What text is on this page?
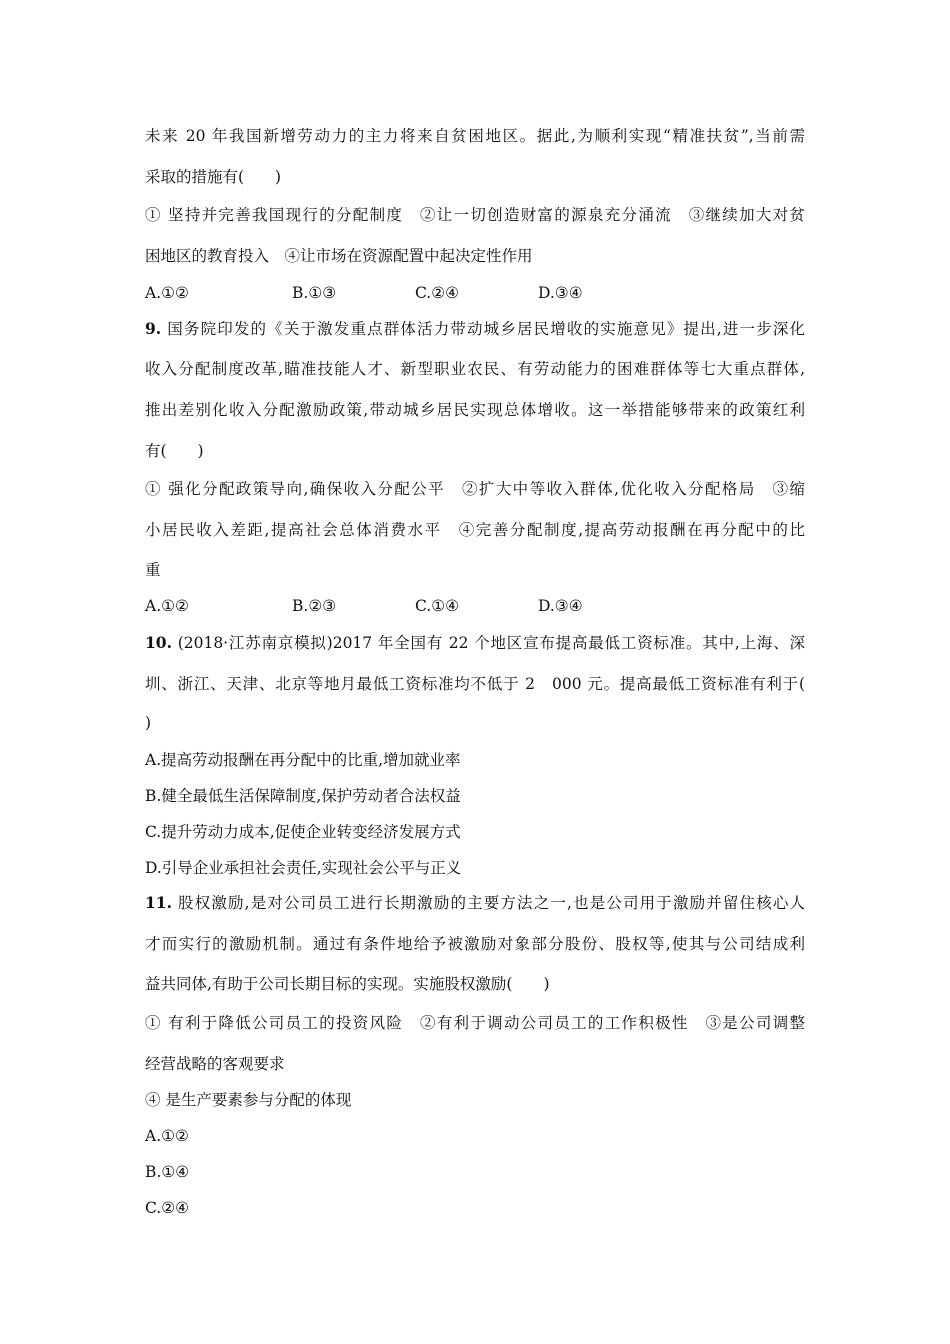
未来 20 年我国新增劳动力的主力将来自贫困地区。据此,为顺利实现“精准扶贫”,当前需
采取的措施有(　　)
① 坚持并完善我国现行的分配制度　②让一切创造财富的源泉充分涌流　③继续加大对贫
困地区的教育投入　④让市场在资源配置中起决定性作用
A.①②	B.①③	C.②④	D.③④
9. 国务院印发的《关于激发重点群体活力带动城乡居民增收的实施意见》提出,进一步深化
收入分配制度改革,瞄准技能人才、新型职业农民、有劳动能力的困难群体等七大重点群体,
推出差别化收入分配激励政策,带动城乡居民实现总体增收。这一举措能够带来的政策红利
有(　　)
① 强化分配政策导向,确保收入分配公平　②扩大中等收入群体,优化收入分配格局　③缩
小居民收入差距,提高社会总体消费水平　④完善分配制度,提高劳动报酬在再分配中的比
重
A.①②	B.②③	C.①④	D.③④
10. (2018·江苏南京模拟)2017 年全国有 22 个地区宣布提高最低工资标准。其中,上海、深
圳、浙江、天津、北京等地月最低工资标准均不低于 2　000 元。提高最低工资标准有利于(
)
A.提高劳动报酬在再分配中的比重,增加就业率
B.健全最低生活保障制度,保护劳动者合法权益
C.提升劳动力成本,促使企业转变经济发展方式
D.引导企业承担社会责任,实现社会公平与正义
11. 股权激励,是对公司员工进行长期激励的主要方法之一,也是公司用于激励并留住核心人
才而实行的激励机制。通过有条件地给予被激励对象部分股份、股权等,使其与公司结成利
益共同体,有助于公司长期目标的实现。实施股权激励(　　)
① 有利于降低公司员工的投资风险　②有利于调动公司员工的工作积极性　③是公司调整
经营战略的客观要求
④ 是生产要素参与分配的体现
A.①②
B.①④
C.②④
